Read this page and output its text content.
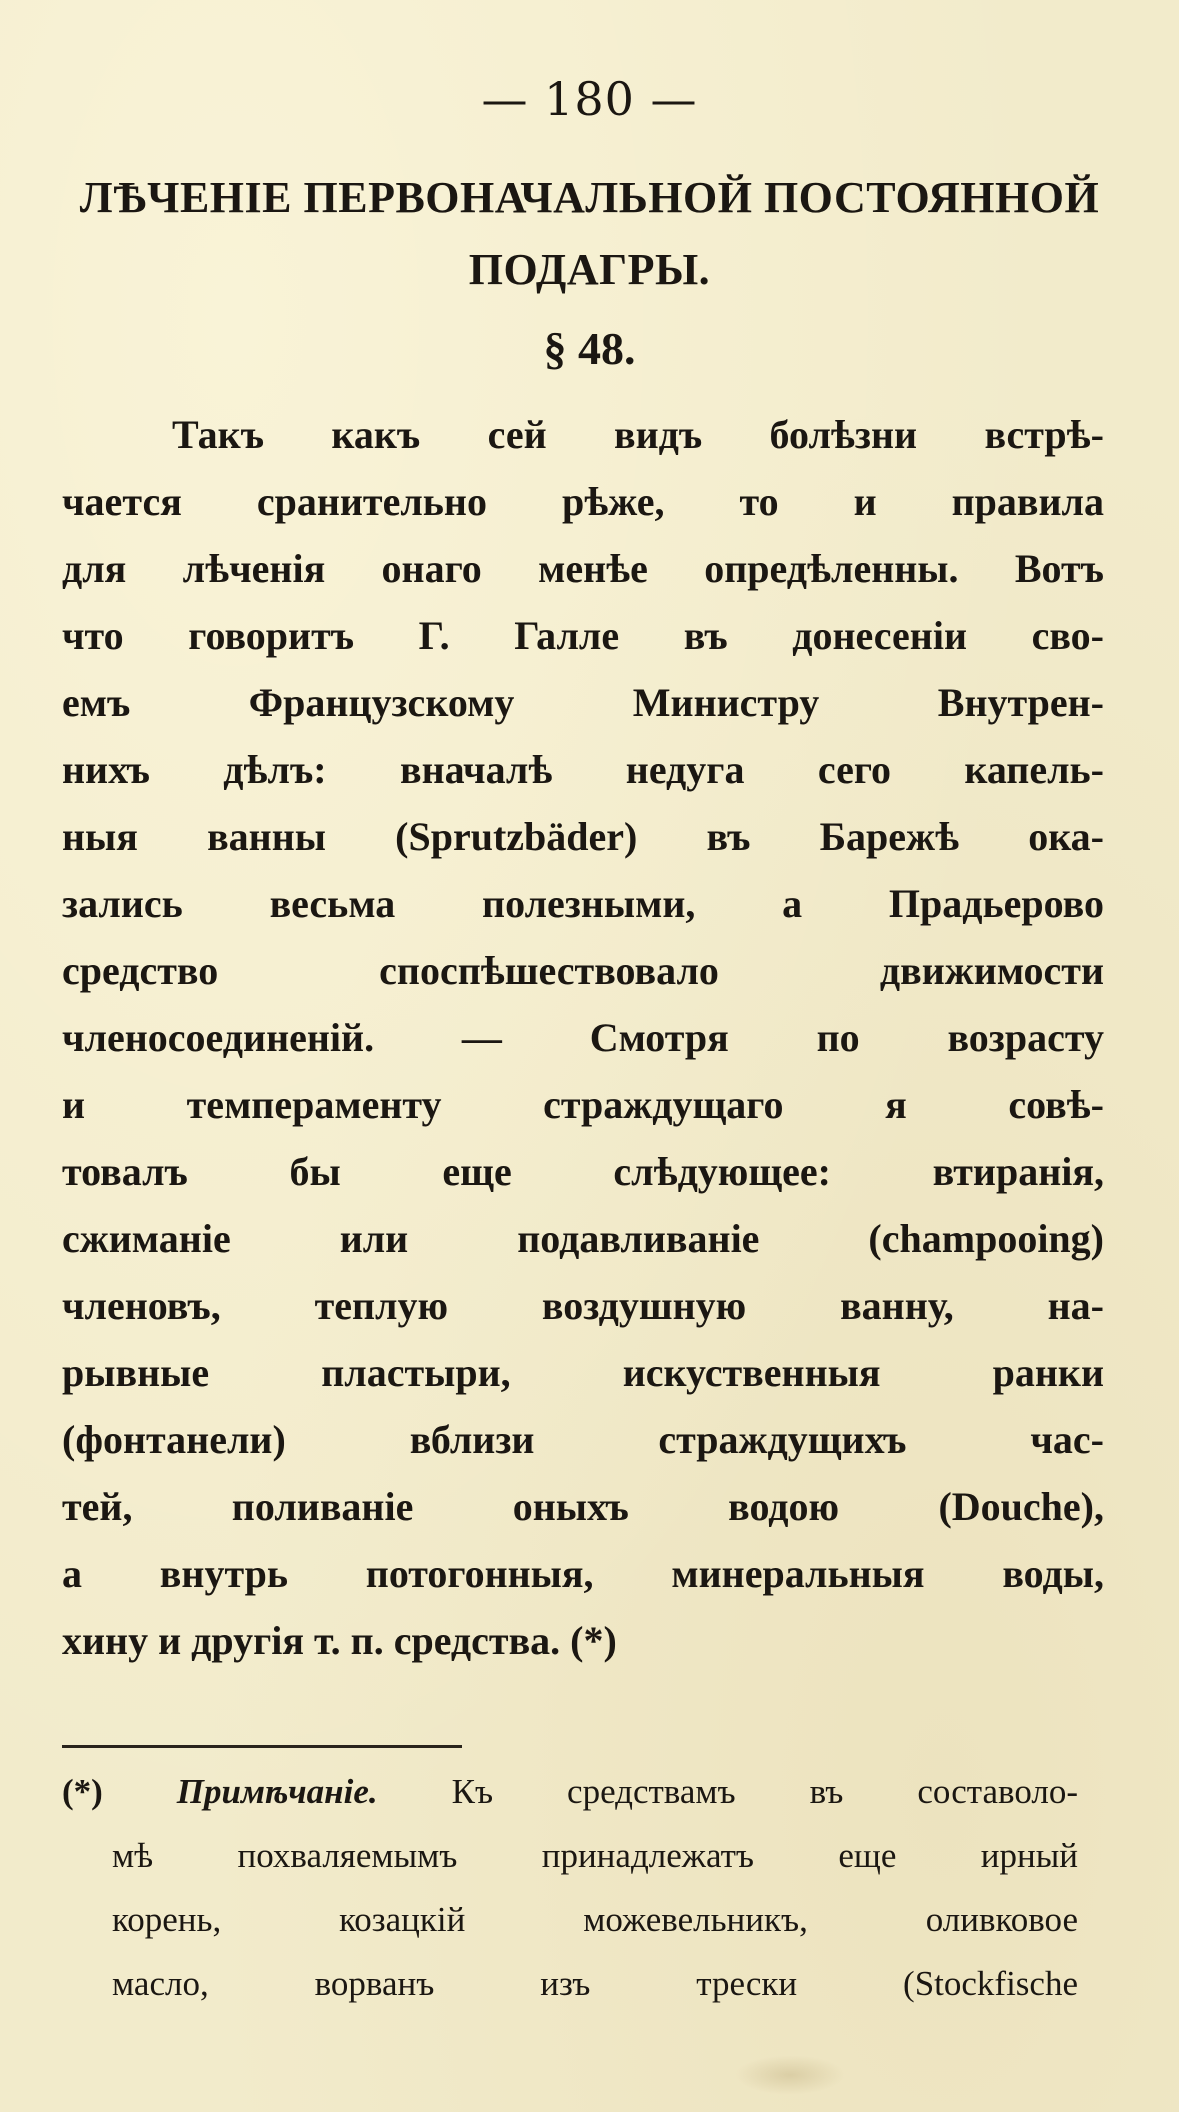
— 180 —
ЛѢЧЕНІЕ ПЕРВОНАЧАЛЬНОЙ ПОСТОЯННОЙ
ПОДАГРЫ.
§ 48.
Такъ какъ сей видъ болѣзни встрѣ-
чается сранительно рѣже, то и правила
для лѣченія онаго менѣе опредѣленны. Вотъ
что говоритъ Г. Галле въ донесеніи сво-
емъ Французскому Министру Внутрен-
нихъ дѣлъ: вначалѣ недуга сего капель-
ныя ванны (Sprutzbäder) въ Барежѣ ока-
зались весьма полезными, а Прадьерово
средство споспѣшествовало движимости
членосоединеній. — Смотря по возрасту
и темпераменту страждущаго я совѣ-
товалъ бы еще слѣдующее: втиранія,
сжиманіе или подавливаніе (champooing)
членовъ, теплую воздушную ванну, на-
рывные пластыри, искуственныя ранки
(фонтанели) вблизи страждущихъ час-
тей, поливаніе оныхъ водою (Douche),
а внутрь потогонныя, минеральныя воды,
хину и другія т. п. средства. (*)
(*) Примѣчаніе. Къ средствамъ въ составоло-
мѣ похваляемымъ принадлежатъ еще ирный
корень, козацкій можевельникъ, оливковое
масло, ворванъ изъ трески (Stockfische
